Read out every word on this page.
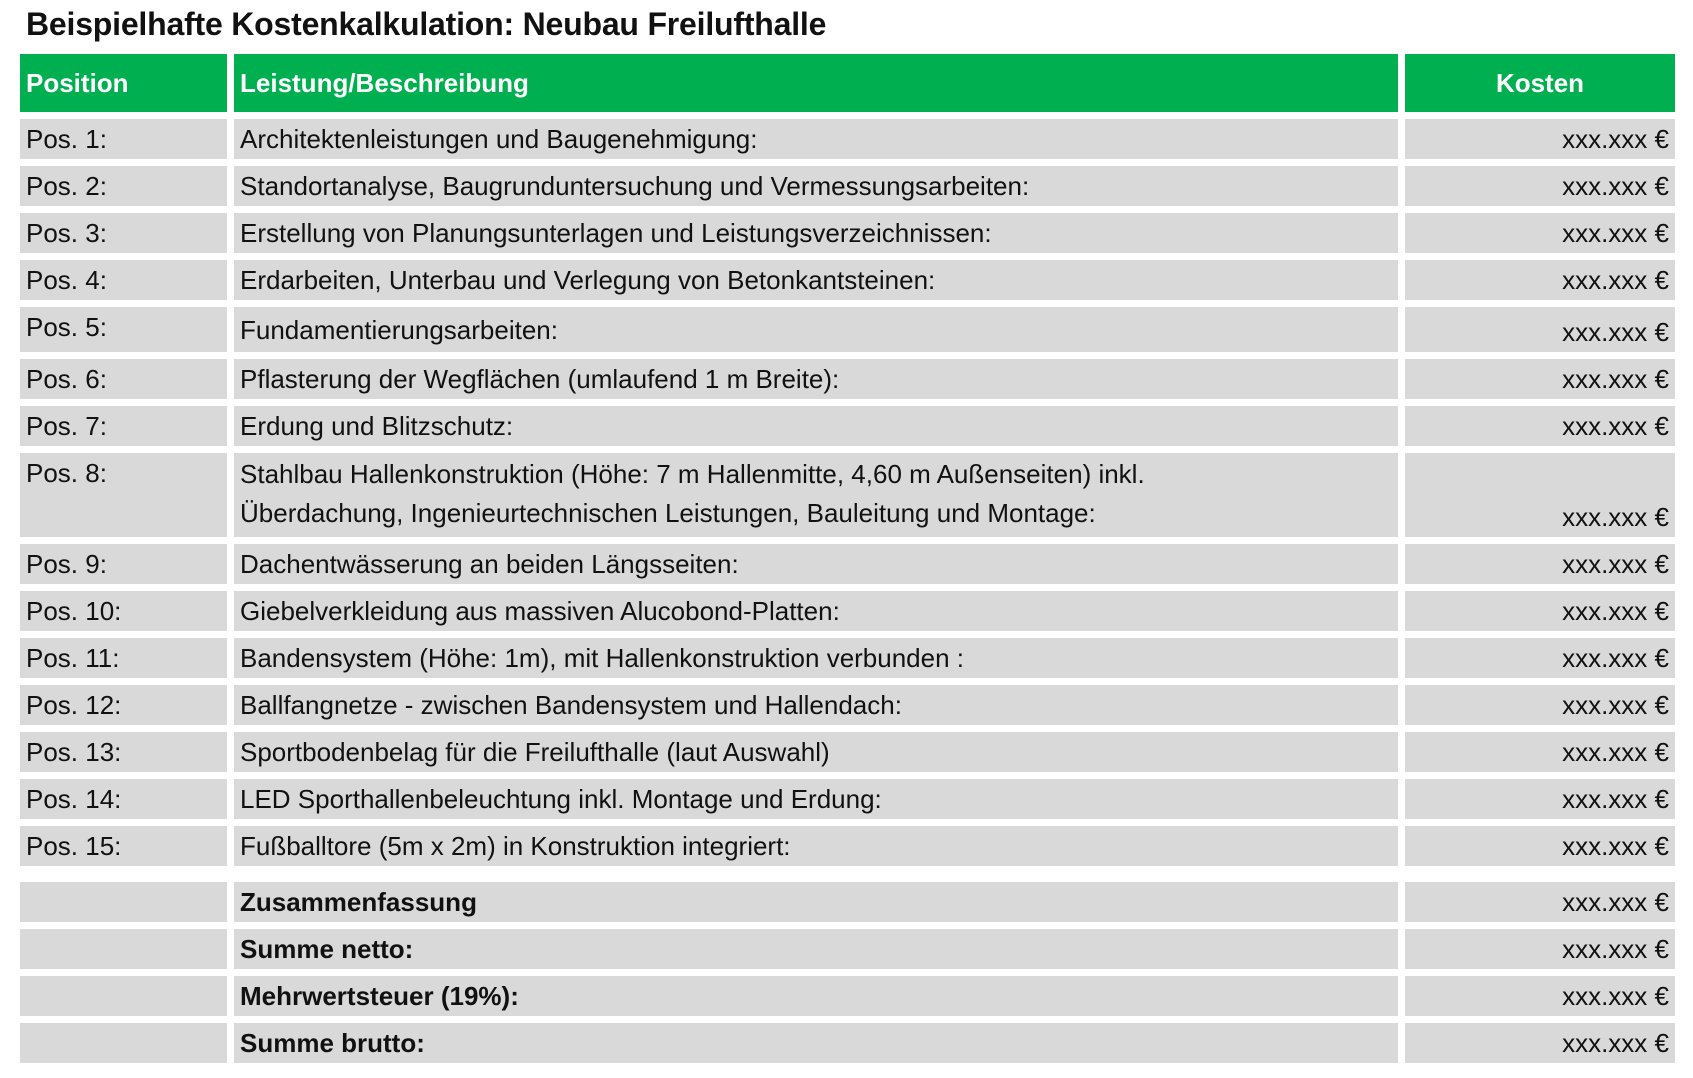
Beispielhafte Kostenkalkulation: Neubau Freilufthalle
Position	Leistung/Beschreibung	Kosten
Pos. 1:	Architektenleistungen und Baugenehmigung:	xxx.xxx €
Pos. 2:	Standortanalyse, Baugrunduntersuchung und Vermessungsarbeiten:	xxx.xxx €
Pos. 3:	Erstellung von Planungsunterlagen und Leistungsverzeichnissen:	xxx.xxx €
Pos. 4:	Erdarbeiten, Unterbau und Verlegung von Betonkantsteinen:	xxx.xxx €
Pos. 5:	Fundamentierungsarbeiten:	xxx.xxx €
Pos. 6:	Pflasterung der Wegflächen (umlaufend 1 m Breite):	xxx.xxx €
Pos. 7:	Erdung und Blitzschutz:	xxx.xxx €
Pos. 8:	Stahlbau Hallenkonstruktion (Höhe: 7 m Hallenmitte, 4,60 m Außenseiten) inkl.
Überdachung, Ingenieurtechnischen Leistungen, Bauleitung und Montage:	xxx.xxx €
Pos. 9:	Dachentwässerung an beiden Längsseiten:	xxx.xxx €
Pos. 10:	Giebelverkleidung aus massiven Alucobond-Platten:	xxx.xxx €
Pos. 11:	Bandensystem (Höhe: 1m), mit Hallenkonstruktion verbunden :	xxx.xxx €
Pos. 12:	Ballfangnetze - zwischen Bandensystem und Hallendach:	xxx.xxx €
Pos. 13:	Sportbodenbelag für die Freilufthalle (laut Auswahl)	xxx.xxx €
Pos. 14:	LED Sporthallenbeleuchtung inkl. Montage und Erdung:	xxx.xxx €
Pos. 15:	Fußballtore (5m x 2m) in Konstruktion integriert:	xxx.xxx €
Zusammenfassung	xxx.xxx €
Summe netto:	xxx.xxx €
Mehrwertsteuer (19%):	xxx.xxx €
Summe brutto:	xxx.xxx €
